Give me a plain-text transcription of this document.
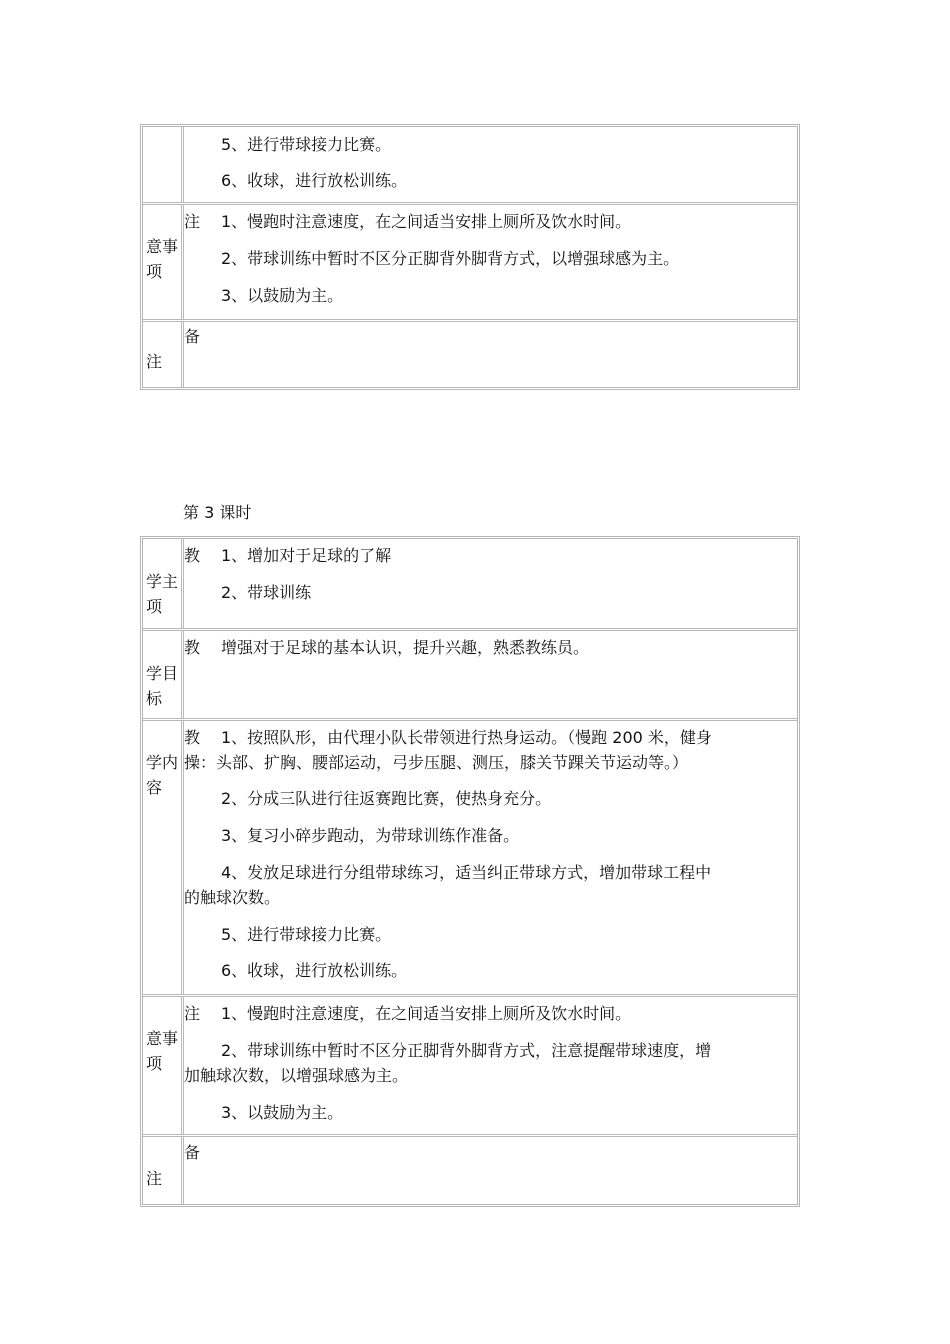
5、进行带球接力比赛。
6、收球，进行放松训练。
意事
项
注 1、慢跑时注意速度，在之间适当安排上厕所及饮水时间。
2、带球训练中暂时不区分正脚背外脚背方式，以增强球感为主。
3、以鼓励为主。
注
备
第 3 课时
学主
项
教 1、增加对于足球的了解
2、带球训练
学目
标
教 增强对于足球的基本认识，提升兴趣，熟悉教练员。
学内
容
教 1、按照队形，由代理小队长带领进行热身运动。（慢跑 200 米，健身
操：头部、扩胸、腰部运动，弓步压腿、测压，膝关节踝关节运动等。）
2、分成三队进行往返赛跑比赛，使热身充分。
3、复习小碎步跑动，为带球训练作准备。
4、发放足球进行分组带球练习，适当纠正带球方式，增加带球工程中
的触球次数。
5、进行带球接力比赛。
6、收球，进行放松训练。
意事
项
注 1、慢跑时注意速度，在之间适当安排上厕所及饮水时间。
2、带球训练中暂时不区分正脚背外脚背方式，注意提醒带球速度，增
加触球次数，以增强球感为主。
3、以鼓励为主。
注
备
